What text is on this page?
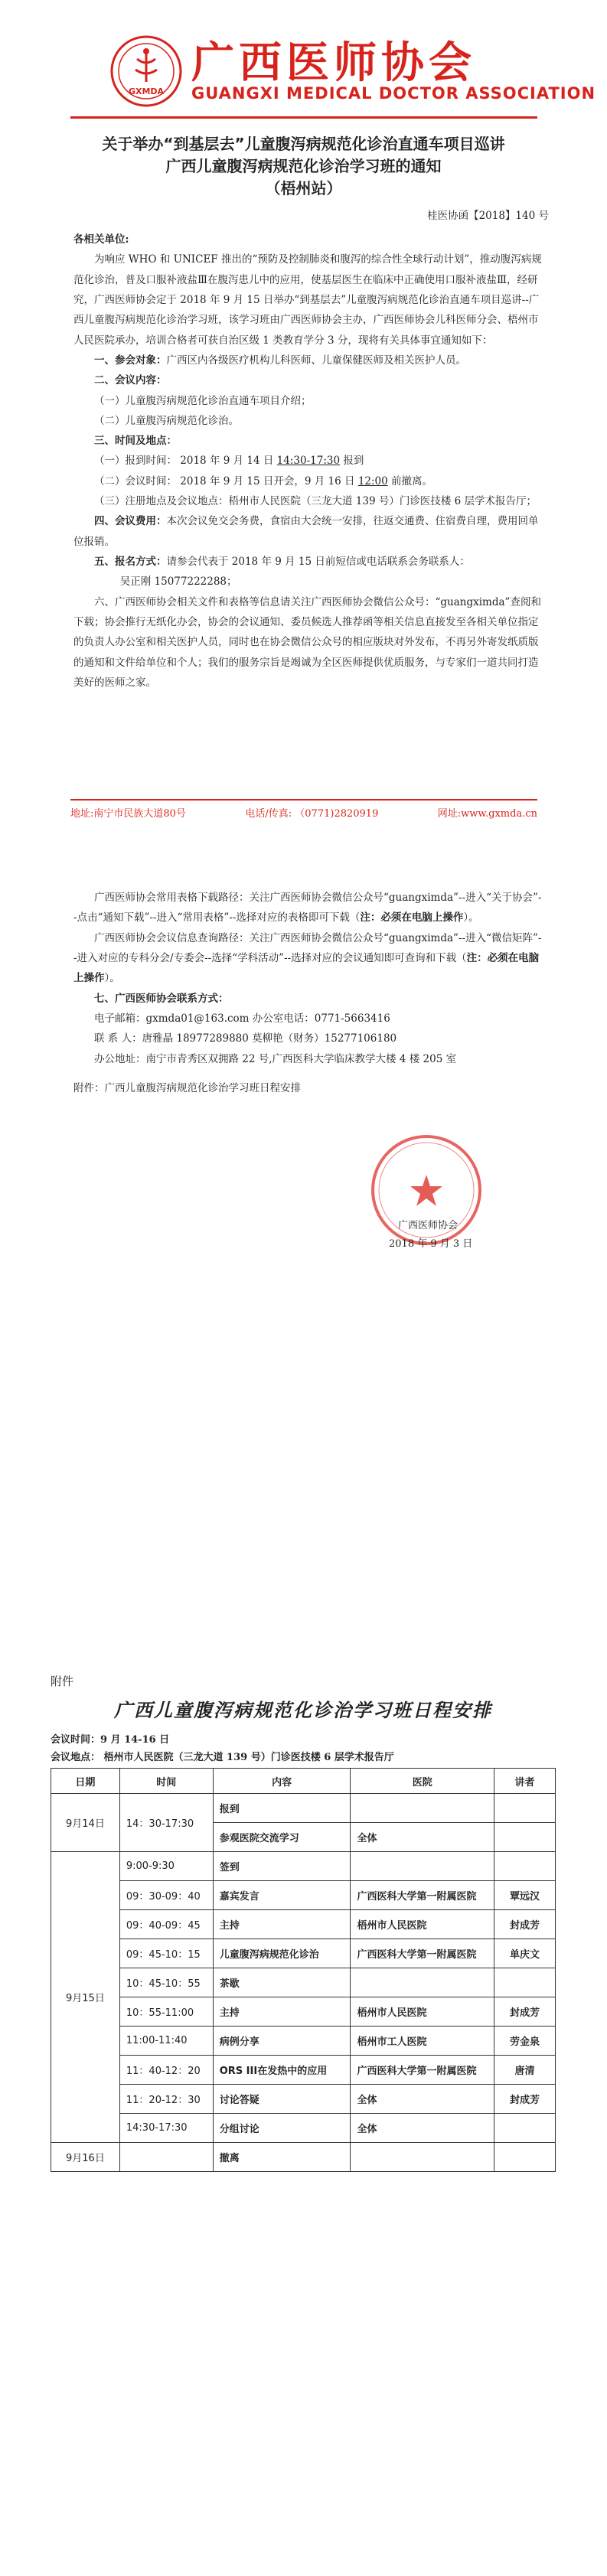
GXMDA
广西医师协会
GUANGXI MEDICAL DOCTOR ASSOCIATION
关于举办“到基层去”儿童腹泻病规范化诊治直通车项目巡讲
广西儿童腹泻病规范化诊治学习班的通知
（梧州站）
桂医协函【2018】140 号

各相关单位:

为响应 WHO 和 UNICEF 推出的“预防及控制肺炎和腹泻的综合性全球行动计划”，推动腹泻病规范化诊治，普及口服补液盐Ⅲ在腹泻患儿中的应用，使基层医生在临床中正确使用口服补液盐Ⅲ，经研究，广西医师协会定于 2018 年 9 月 15 日举办“到基层去”儿童腹泻病规范化诊治直通车项目巡讲--广西儿童腹泻病规范化诊治学习班，该学习班由广西医师协会主办，广西医师协会儿科医师分会、梧州市人民医院承办，培训合格者可获自治区级 1 类教育学分 3 分，现将有关具体事宜通知如下：

一、参会对象：广西区内各级医疗机构儿科医师、儿童保健医师及相关医护人员。

二、会议内容：

（一）儿童腹泻病规范化诊治直通车项目介绍；

（二）儿童腹泻病规范化诊治。

三、时间及地点：

（一）报到时间： 2018 年 9 月 14 日 14:30-17:30 报到

（二）会议时间： 2018 年 9 月 15 日开会，9 月 16 日 12:00 前撤离。

（三）注册地点及会议地点：梧州市人民医院（三龙大道 139 号）门诊医技楼 6 层学术报告厅；

四、会议费用：本次会议免交会务费，食宿由大会统一安排，往返交通费、住宿费自理，费用回单位报销。

五、报名方式：请参会代表于 2018 年 9 月 15 日前短信或电话联系会务联系人：

吴正刚 15077222288；

六、广西医师协会相关文件和表格等信息请关注广西医师协会微信公众号：“guangximda”查阅和下载；协会推行无纸化办会，协会的会议通知、委员候选人推荐函等相关信息直接发至各相关单位指定的负责人办公室和相关医护人员，同时也在协会微信公众号的相应版块对外发布，不再另外寄发纸质版的通知和文件给单位和个人；我们的服务宗旨是竭诚为全区医师提供优质服务，与专家们一道共同打造美好的医师之家。

地址:南宁市民族大道80号	电话/传真: （0771)2820919	网址:www.gxmda.cn

广西医师协会常用表格下载路径：关注广西医师协会微信公众号“guangximda”--进入“关于协会”--点击“通知下载”--进入“常用表格”--选择对应的表格即可下载（注：必须在电脑上操作）。

广西医师协会会议信息查询路径：关注广西医师协会微信公众号“guangximda”--进入“微信矩阵”--进入对应的专科分会/专委会--选择“学科活动”--选择对应的会议通知即可查询和下载（注：必须在电脑上操作）。

七、广西医师协会联系方式：

电子邮箱：gxmda01@163.com 办公室电话：0771-5663416

联 系 人：唐雅晶 18977289880 莫柳艳（财务）15277106180

办公地址：南宁市青秀区双拥路 22 号,广西医科大学临床教学大楼 4 楼 205 室

附件：广西儿童腹泻病规范化诊治学习班日程安排

广西医师协会
2018 年 9 月 3 日
附件
广西儿童腹泻病规范化诊治学习班日程安排
会议时间：9 月 14-16 日
会议地点： 梧州市人民医院（三龙大道 139 号）门诊医技楼 6 层学术报告厅
日期	时间	内容	医院	讲者
9月14日	14：30-17:30	报到		
		参观医院交流学习	全体	
9月15日	9:00-9:30	签到		
	09：30-09：40	嘉宾发言	广西医科大学第一附属医院	覃远汉
	09：40-09：45	主持	梧州市人民医院	封成芳
	09：45-10：15	儿童腹泻病规范化诊治	广西医科大学第一附属医院	单庆文
	10：45-10：55	茶歇		
	10：55-11:00	主持	梧州市人民医院	封成芳
	11:00-11:40	病例分享	梧州市工人医院	劳金泉
	11：40-12：20	ORS III在发热中的应用	广西医科大学第一附属医院	唐清
	11：20-12：30	讨论答疑	全体	封成芳
	14:30-17:30	分组讨论	全体	
9月16日		撤离		
